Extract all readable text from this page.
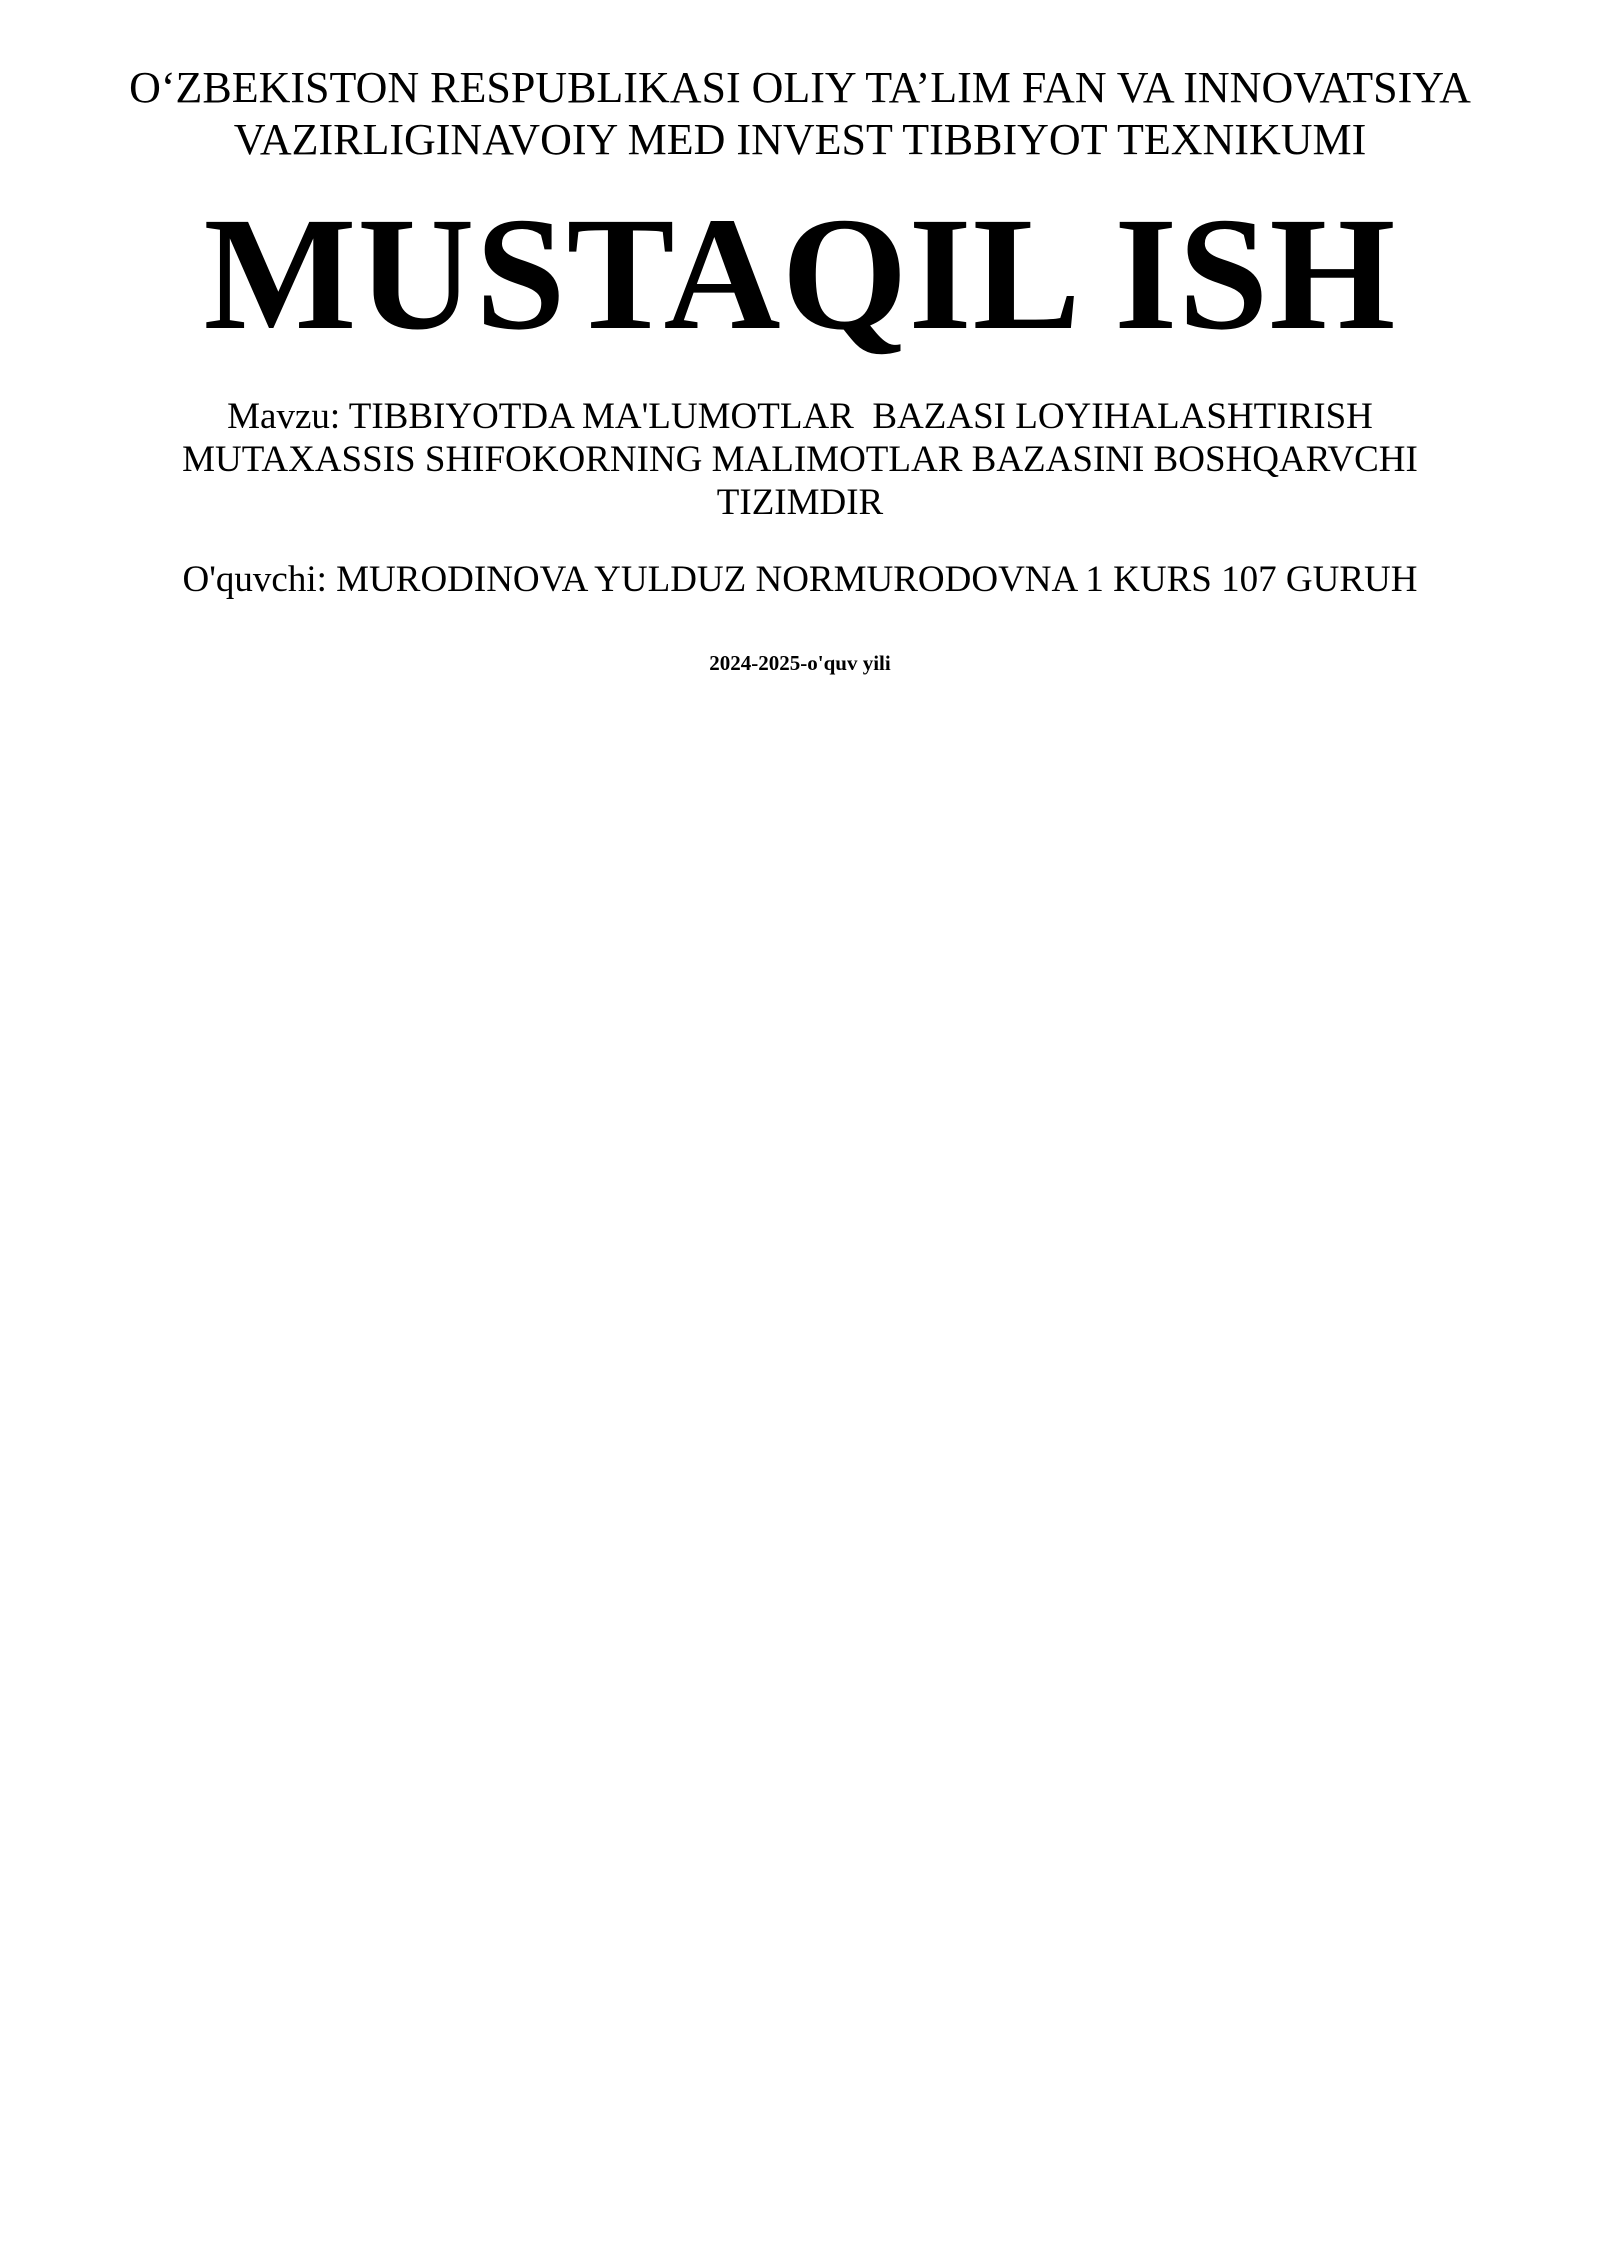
O‘ZBEKISTON RESPUBLIKASI OLIY TA’LIM FAN VA INNOVATSIYA
VAZIRLIGINAVOIY MED INVEST TIBBIYOT TEXNIKUMI
MUSTAQIL ISH
Mavzu: TIBBIYOTDA MA'LUMOTLAR  BAZASI LOYIHALASHTIRISH
MUTAXASSIS SHIFOKORNING MALIMOTLAR BAZASINI BOSHQARVCHI
TIZIMDIR
O'quvchi: MURODINOVA YULDUZ NORMURODOVNA 1 KURS 107 GURUH
2024-2025-o'quv yili
